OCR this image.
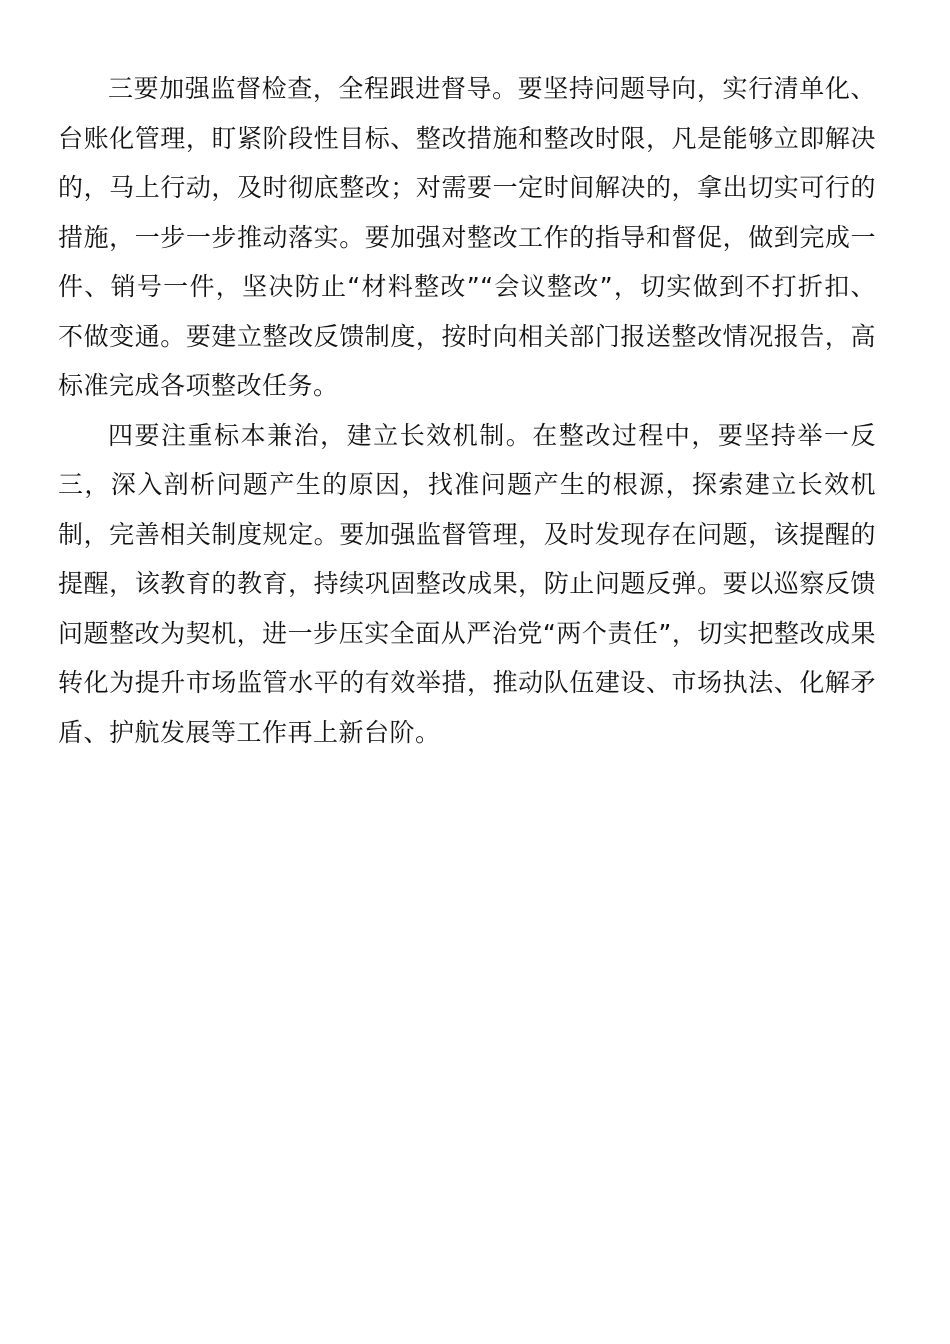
三要加强监督检查，全程跟进督导。要坚持问题导向，实行清单化、台账化管理，盯紧阶段性目标、整改措施和整改时限，凡是能够立即解决的，马上行动，及时彻底整改；对需要一定时间解决的，拿出切实可行的措施，一步一步推动落实。要加强对整改工作的指导和督促，做到完成一件、销号一件，坚决防止“材料整改”“会议整改”，切实做到不打折扣、不做变通。要建立整改反馈制度，按时向相关部门报送整改情况报告，高标准完成各项整改任务。

四要注重标本兼治，建立长效机制。在整改过程中，要坚持举一反三，深入剖析问题产生的原因，找准问题产生的根源，探索建立长效机制，完善相关制度规定。要加强监督管理，及时发现存在问题，该提醒的提醒，该教育的教育，持续巩固整改成果，防止问题反弹。要以巡察反馈问题整改为契机，进一步压实全面从严治党“两个责任”，切实把整改成果转化为提升市场监管水平的有效举措，推动队伍建设、市场执法、化解矛盾、护航发展等工作再上新台阶。
